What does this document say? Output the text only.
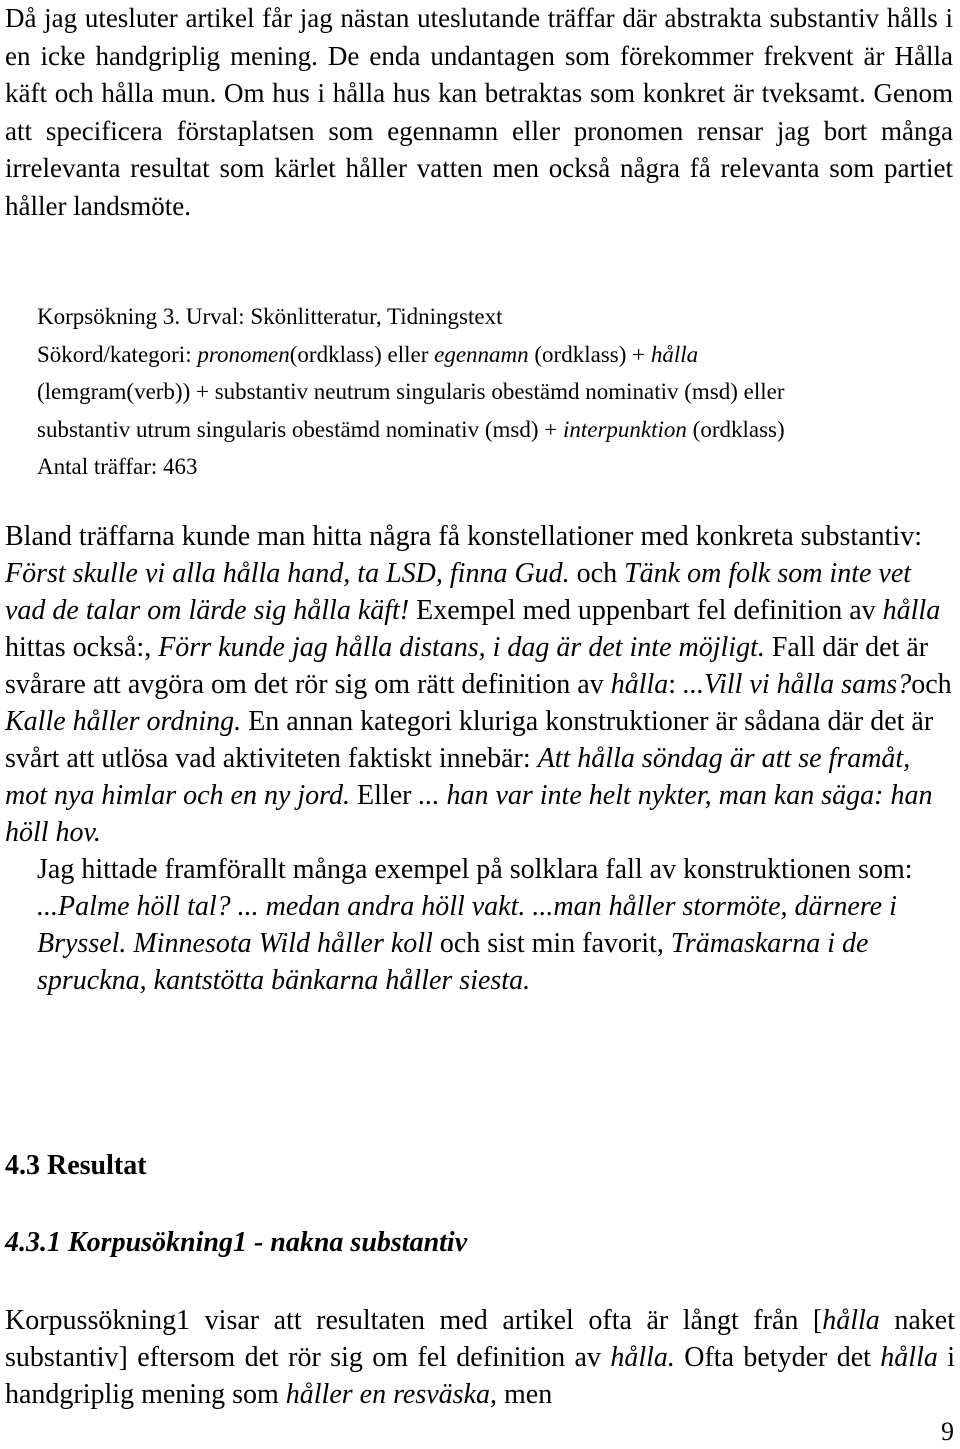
Då jag utesluter artikel får jag nästan uteslutande träffar där abstrakta substantiv hålls i en icke handgriplig mening. De enda undantagen som förekommer frekvent är Hålla käft och hålla mun. Om hus i hålla hus kan betraktas som konkret är tveksamt. Genom att specificera förstaplatsen som egennamn eller pronomen rensar jag bort många irrelevanta resultat som kärlet håller vatten men också några få relevanta som partiet håller landsmöte.

Korpsökning 3. Urval: Skönlitteratur, Tidningstext
Sökord/kategori: pronomen(ordklass) eller egennamn (ordklass) + hålla
(lemgram(verb)) + substantiv neutrum singularis obestämd nominativ (msd) eller
substantiv utrum singularis obestämd nominativ (msd) + interpunktion (ordklass)
Antal träffar: 463
Bland träffarna kunde man hitta några få konstellationer med konkreta substantiv: Först skulle vi alla hålla hand, ta LSD, finna Gud. och Tänk om folk som inte vet vad de talar om lärde sig hålla käft! Exempel med uppenbart fel definition av hålla hittas också:, Förr kunde jag hålla distans, i dag är det inte möjligt. Fall där det är svårare att avgöra om det rör sig om rätt definition av hålla: ...Vill vi hålla sams?och Kalle håller ordning. En annan kategori kluriga konstruktioner är sådana där det är svårt att utlösa vad aktiviteten faktiskt innebär: Att hålla söndag är att se framåt, mot nya himlar och en ny jord. Eller ... han var inte helt nykter, man kan säga: han höll hov.
Jag hittade framförallt många exempel på solklara fall av konstruktionen som: ...Palme höll tal? ... medan andra höll vakt. ...man håller stormöte, därnere i Bryssel. Minnesota Wild håller koll och sist min favorit, Trämaskarna i de spruckna, kantstötta bänkarna håller siesta.
4.3 Resultat
4.3.1 Korpusökning1 - nakna substantiv

Korpussökning1 visar att resultaten med artikel ofta är långt från [hålla naket substantiv] eftersom det rör sig om fel definition av hålla. Ofta betyder det hålla i handgriplig mening som håller en resväska, men

9
